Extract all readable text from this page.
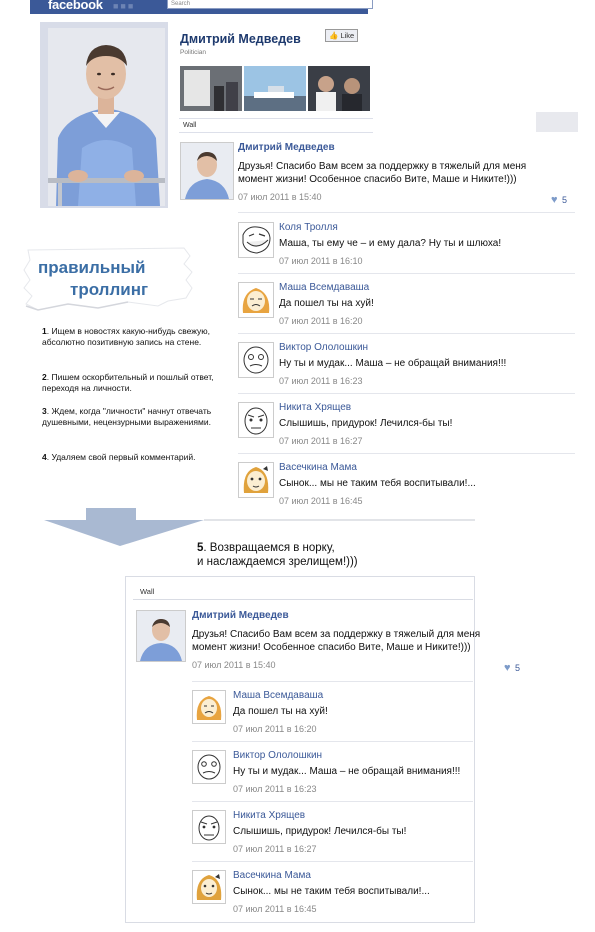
facebook ■■■	Search
Дмитрий Медведев	👍 Like
Politician
Wall
Дмитрий Медведев
Друзья! Спасибо Вам всем за поддержку в тяжелый для меня
момент жизни! Особенное спасибо Вите, Маше и Никите!)))
07 июл 2011 в 15:40	♥ 5
Коля Тролля
Маша, ты ему че – и ему дала? Ну ты и шлюха!
07 июл 2011 в 16:10
Маша Всемдаваша
Да пошел ты на хуй!
07 июл 2011 в 16:20
Виктор Ололошкин
Ну ты и мудак... Маша – не обращай внимания!!!
07 июл 2011 в 16:23
Никита Хрящев
Слышишь, придурок! Лечился-бы ты!
07 июл 2011 в 16:27
Васечкина Мама
Сынок... мы не таким тебя воспитывали!...
07 июл 2011 в 16:45
правильный
троллинг
1. Ищем в новостях какую-нибудь свежую, абсолютно позитивную запись на стене.
2. Пишем оскорбительный и пошлый ответ, переходя на личности.
3. Ждем, когда "личности" начнут отвечать душевными, нецензурными выражениями.
4. Удаляем свой первый комментарий.
5. Возвращаемся в норку,
и наслаждаемся зрелищем!)))
Wall
Дмитрий Медведев
Друзья! Спасибо Вам всем за поддержку в тяжелый для меня
момент жизни! Особенное спасибо Вите, Маше и Никите!)))
07 июл 2011 в 15:40	♥ 5
Маша Всемдаваша
Да пошел ты на хуй!
07 июл 2011 в 16:20
Виктор Ололошкин
Ну ты и мудак... Маша – не обращай внимания!!!
07 июл 2011 в 16:23
Никита Хрящев
Слышишь, придурок! Лечился-бы ты!
07 июл 2011 в 16:27
Васечкина Мама
Сынок... мы не таким тебя воспитывали!...
07 июл 2011 в 16:45
